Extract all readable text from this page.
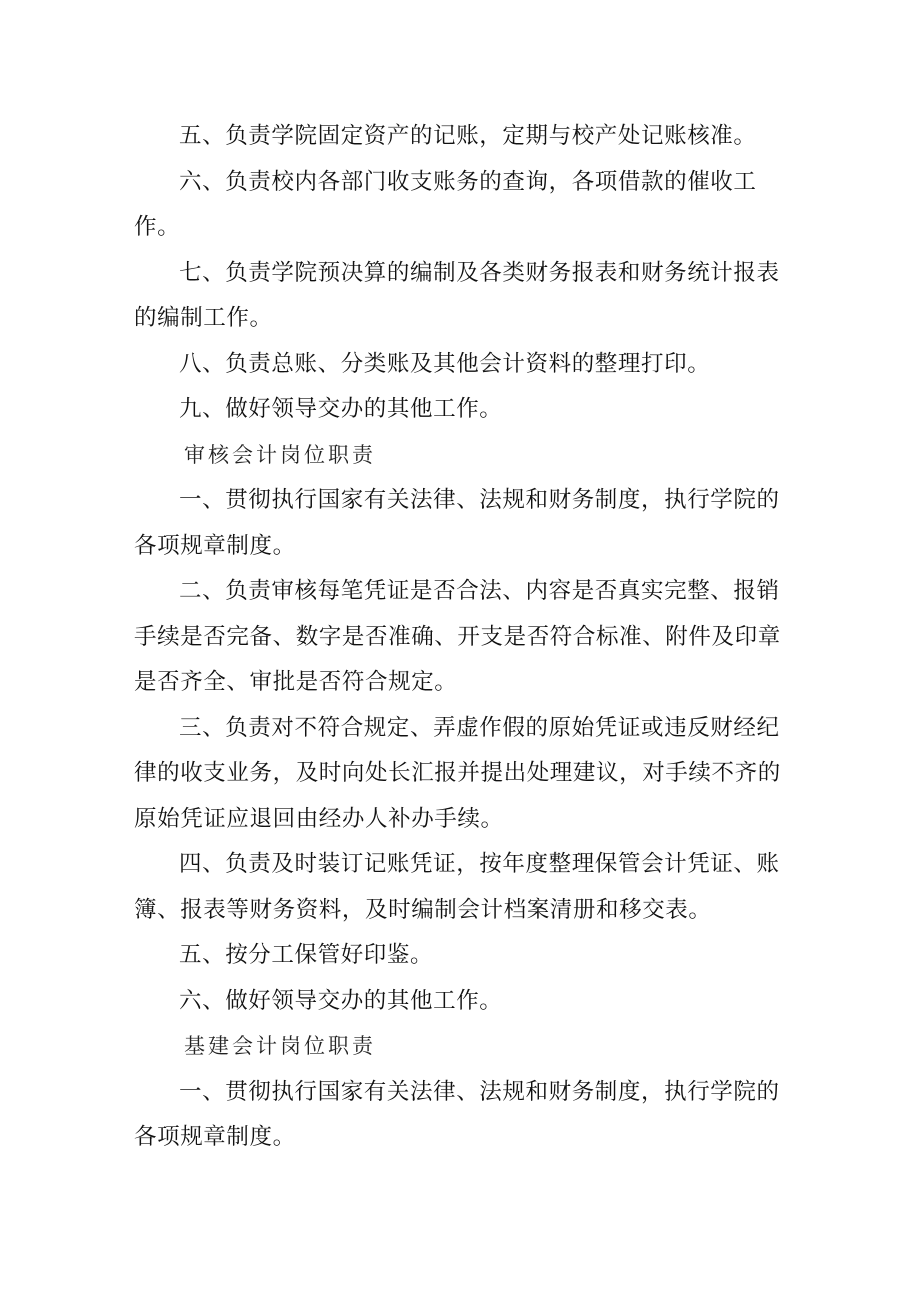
五、负责学院固定资产的记账，定期与校产处记账核准。

六、负责校内各部门收支账务的查询，各项借款的催收工作。

七、负责学院预决算的编制及各类财务报表和财务统计报表的编制工作。

八、负责总账、分类账及其他会计资料的整理打印。

九、做好领导交办的其他工作。

审核会计岗位职责

一、贯彻执行国家有关法律、法规和财务制度，执行学院的各项规章制度。

二、负责审核每笔凭证是否合法、内容是否真实完整、报销手续是否完备、数字是否准确、开支是否符合标准、附件及印章是否齐全、审批是否符合规定。

三、负责对不符合规定、弄虚作假的原始凭证或违反财经纪律的收支业务，及时向处长汇报并提出处理建议，对手续不齐的原始凭证应退回由经办人补办手续。

四、负责及时装订记账凭证，按年度整理保管会计凭证、账簿、报表等财务资料，及时编制会计档案清册和移交表。

五、按分工保管好印鉴。

六、做好领导交办的其他工作。

基建会计岗位职责

一、贯彻执行国家有关法律、法规和财务制度，执行学院的各项规章制度。
